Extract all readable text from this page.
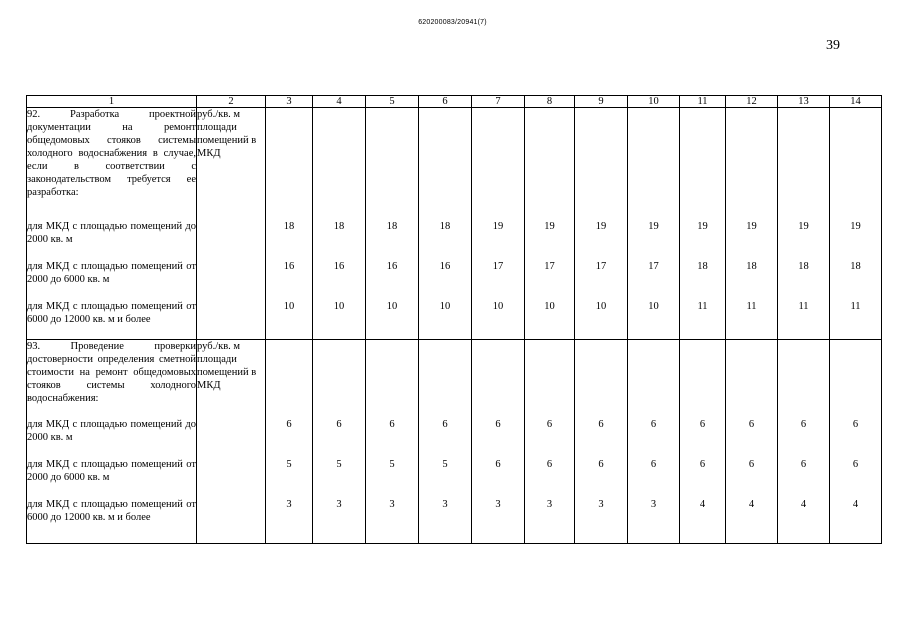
620200083/20941(7)
39
1	2	3	4	5	6	7	8	9	10	11	12	13	14

92. Разработка проектной документации на ремонт общедомовых стояков системы холодного водоснабжения в случае, если в соответствии с законодательством требуется ее разработка:	руб./кв. м площади помещений в МКД												
для МКД с площадью помещений до 2000 кв. м		18	18	18	18	19	19	19	19	19	19	19	19
для МКД с площадью помещений от 2000 до 6000 кв. м		16	16	16	16	17	17	17	17	18	18	18	18
для МКД с площадью помещений от 6000 до 12000 кв. м и более		10	10	10	10	10	10	10	10	11	11	11	11

93. Проведение проверки достоверности определения сметной стоимости на ремонт общедомовых стояков системы холодного водоснабжения:	руб./кв. м площади помещений в МКД												
для МКД с площадью помещений до 2000 кв. м		6	6	6	6	6	6	6	6	6	6	6	6
для МКД с площадью помещений от 2000 до 6000 кв. м		5	5	5	5	6	6	6	6	6	6	6	6
для МКД с площадью помещений от 6000 до 12000 кв. м и более		3	3	3	3	3	3	3	3	4	4	4	4
